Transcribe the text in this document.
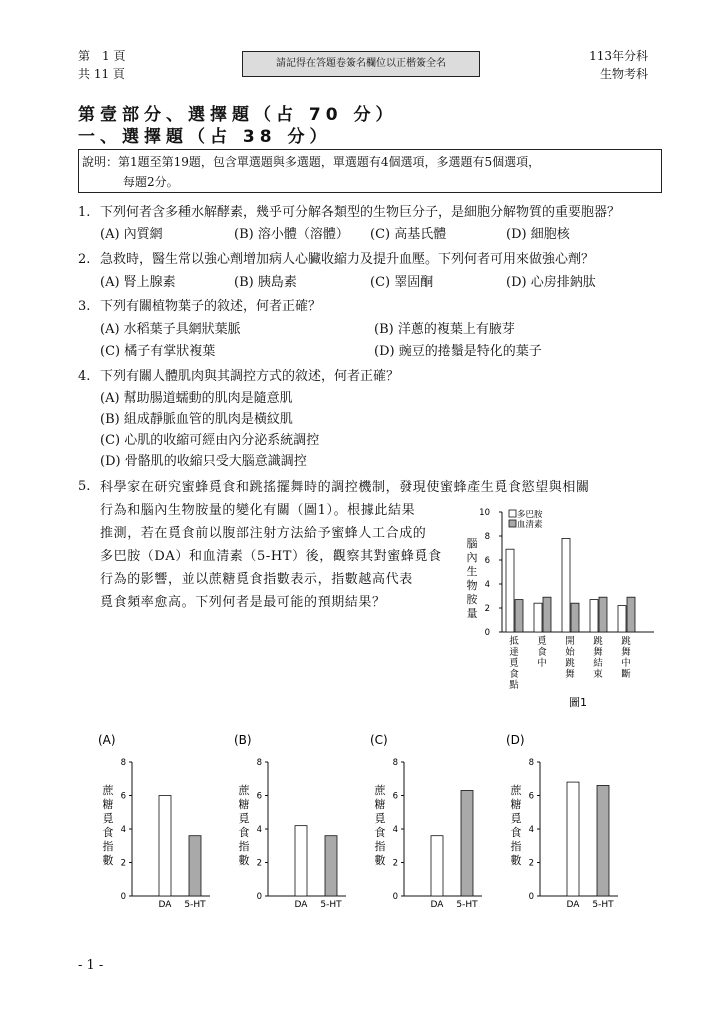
第　1 頁
共 11 頁
請記得在答題卷簽名欄位以正楷簽全名
113年分科
生物考科
第壹部分、選擇題（占 70 分）
一、選擇題（占 38 分）
說明：第1題至第19題，包含單選題與多選題，單選題有4個選項，多選題有5個選項，
每題2分。
1. 下列何者含多種水解酵素，幾乎可分解各類型的生物巨分子，是細胞分解物質的重要胞器？
(A) 內質網	(B) 溶小體（溶體） (C) 高基氏體	(D) 細胞核
2. 急救時，醫生常以強心劑增加病人心臟收縮力及提升血壓。下列何者可用來做強心劑？
(A) 腎上腺素	(B) 胰島素	(C) 睪固酮	(D) 心房排鈉肽
3. 下列有關植物葉子的敘述，何者正確？
(A) 水稻葉子具網狀葉脈	(B) 洋蔥的複葉上有腋芽
(C) 橘子有掌狀複葉	(D) 豌豆的捲鬚是特化的葉子
4. 下列有關人體肌肉與其調控方式的敘述，何者正確？
(A) 幫助腸道蠕動的肌肉是隨意肌
(B) 組成靜脈血管的肌肉是橫紋肌
(C) 心肌的收縮可經由內分泌系統調控
(D) 骨骼肌的收縮只受大腦意識調控
5. 科學家在研究蜜蜂覓食和跳搖擺舞時的調控機制，發現使蜜蜂產生覓食慾望與相關
行為和腦內生物胺量的變化有關（圖1）。根據此結果
推測，若在覓食前以腹部注射方法給予蜜蜂人工合成的
多巴胺（DA）和血清素（5-HT）後，觀察其對蜜蜂覓食
行為的影響，並以蔗糖覓食指數表示，指數越高代表
覓食頻率愈高。下列何者是最可能的預期結果？
腦內生物胺量
0
2
4
6
8
10	多巴胺
血清素
抵達覓食點
覓食中
開始跳舞
跳舞結束
跳舞中斷
圖1
(A)
蔗糖覓食指數
0
2
4
6
8
DA 5-HT
(B)
蔗糖覓食指數
0
2
4
6
8
DA 5-HT
(C)
蔗糖覓食指數
0
2
4
6
8
DA 5-HT
(D)
蔗糖覓食指數
0
2
4
6
8
DA 5-HT
- 1 -
